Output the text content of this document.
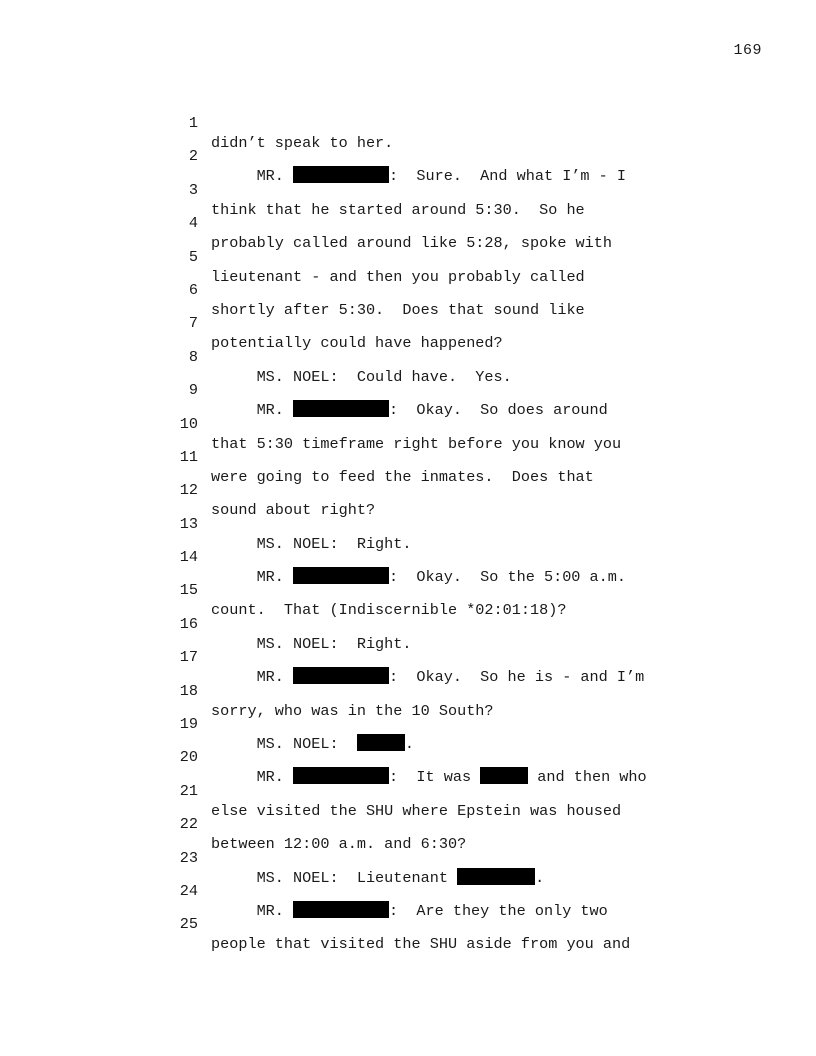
169

1

didn’t speak to her.

2

MR.	:  Sure.  And what I’m - I

3

think that he started around 5:30.  So he

4

probably called around like 5:28, spoke with

5

lieutenant - and then you probably called

6

shortly after 5:30.  Does that sound like

7

potentially could have happened?

8

MS. NOEL:  Could have.  Yes.

9

MR.	:  Okay.  So does around

10

that 5:30 timeframe right before you know you

11

were going to feed the inmates.  Does that

12

sound about right?

13

MS. NOEL:  Right.

14

MR.	:  Okay.  So the 5:00 a.m.

15

count.  That (Indiscernible *02:01:18)?

16

MS. NOEL:  Right.

17

MR.	:  Okay.  So he is - and I’m

18

sorry, who was in the 10 South?

19

MS. NOEL:	.

20

MR.	:  It was	and then who

21

else visited the SHU where Epstein was housed

22

between 12:00 a.m. and 6:30?

23

MS. NOEL:  Lieutenant	.

24

MR.	:  Are they the only two

25

people that visited the SHU aside from you and
